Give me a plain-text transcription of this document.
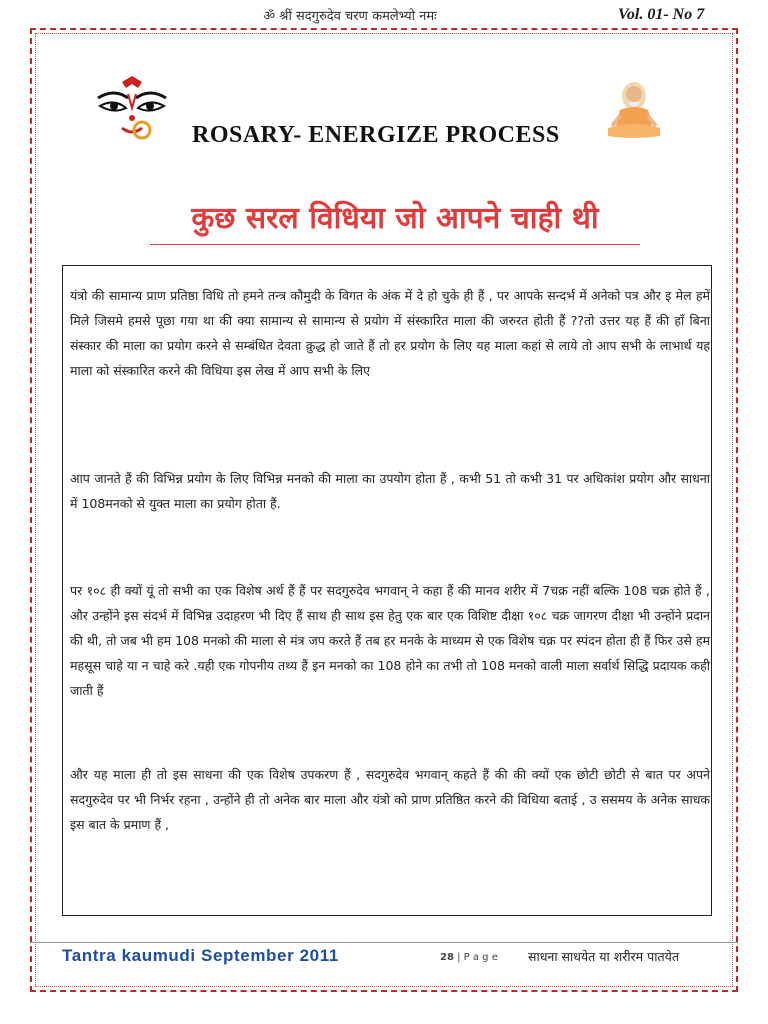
ॐ श्रीं सदगुरुदेव चरण कमलेभ्यो नमः	Vol. 01- No 7
ROSARY- ENERGIZE PROCESS
कुछ सरल विधिया जो आपने चाही थी
यंत्रो की सामान्य प्राण प्रतिष्ठा विधि तो हमने तन्त्र कौमुदी के विगत के अंक में दे हो चुके ही हैं , पर आपके सन्दर्भ में अनेको पत्र और इ मेल हमें मिले जिसमे हमसे पूछा गया था की क्या सामान्य से सामान्य से प्रयोग में संस्कारित माला की जरुरत होती हैं ??तो उत्तर यह हैं की हाँ बिना संस्कार की माला का प्रयोग करने से सम्बंधित देवता क्रुद्ध हो जाते हैं तो हर प्रयोग के लिए यह माला कहां से लाये तो आप सभी के लाभार्थ यह माला को संस्कारित करने की विधिया इस लेख में आप सभी के लिए
आप जानते हैं की विभिन्न प्रयोग के लिए विभिन्न मनको की माला का उपयोग होता हैं , कभी 51 तो कभी 31 पर अधिकांश प्रयोग और साधना में 108मनको से युक्त माला का प्रयोग होता हैं.
पर १०८ ही क्यों यूं तो सभी का एक विशेष अर्थ हैं हैं पर सदगुरुदेव भगवान् ने कहा हैं की मानव शरीर में 7चक्र नहीं बल्कि 108 चक्र होते हैं , और उन्होंने इस संदर्भ में विभिन्न उदाहरण भी दिए हैं साथ ही साथ इस हेतु एक बार एक विशिष्ट दीक्षा १०८ चक्र जागरण दीक्षा भी उन्होंने प्रदान की थी, तो जब भी हम 108 मनको की माला से मंत्र जप करते हैं तब हर मनके के माध्यम से एक विशेष चक्र पर स्पंदन होता ही हैं फिर उसे हम महसूस चाहे या न चाहे करे .यही एक गोपनीय तथ्य हैं इन मनको का 108 होने का तभी तो 108 मनको वाली माला सर्वार्थ सिद्धि प्रदायक कही जाती हैं
और यह माला ही तो इस साधना की एक विशेष उपकरण हैं , सदगुरुदेव भगवान् कहते हैं की की क्यों एक छोटी छोटी से बात पर अपने सदगुरुदेव पर भी निर्भर रहना , उन्होंने ही तो अनेक बार माला और यंत्रो को प्राण प्रतिष्ठित करने की विधिया बताई , उ ससमय के अनेक साधक इस बात के प्रमाण हैं ,
Tantra kaumudi September 2011	28 | P a g e साधना साधयेत या शरीरम पातयेत
